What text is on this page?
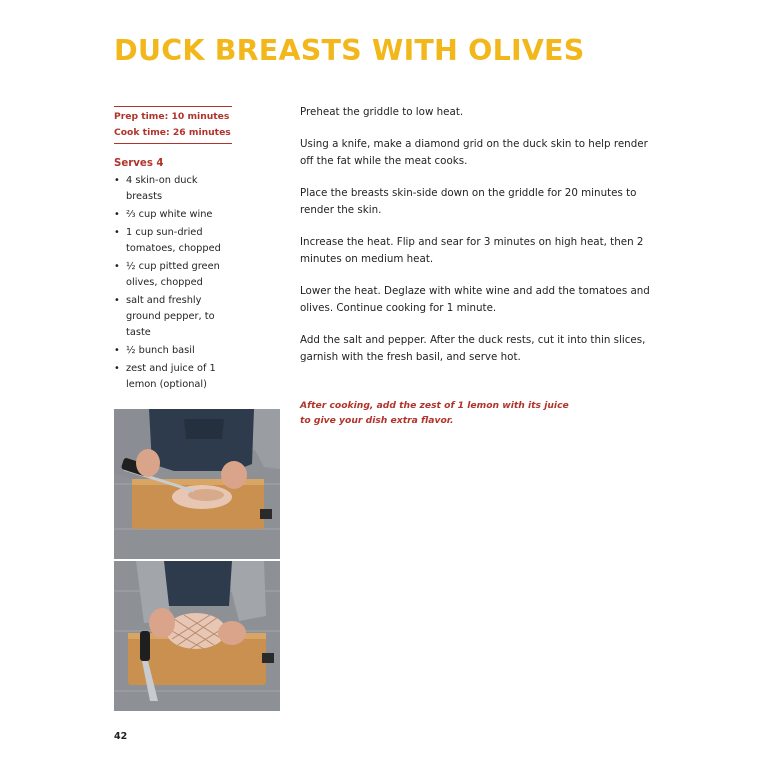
DUCK BREASTS WITH OLIVES

Prep time: 10 minutes

Cook time: 26 minutes

Serves 4
• 4 skin-on duck breasts
• ⅔ cup white wine
• 1 cup sun-dried tomatoes, chopped
• ½ cup pitted green olives, chopped
• salt and freshly ground pepper, to taste
• ½ bunch basil
• zest and juice of 1 lemon (optional)

Preheat the griddle to low heat.

Using a knife, make a diamond grid on the duck skin to help render off the fat while the meat cooks.

Place the breasts skin-side down on the griddle for 20 minutes to render the skin.

Increase the heat. Flip and sear for 3 minutes on high heat, then 2 minutes on medium heat.

Lower the heat. Deglaze with white wine and add the tomatoes and olives. Continue cooking for 1 minute.

Add the salt and pepper. After the duck rests, cut it into thin slices, garnish with the fresh basil, and serve hot.

After cooking, add the zest of 1 lemon with its juice to give your dish extra flavor.

42
